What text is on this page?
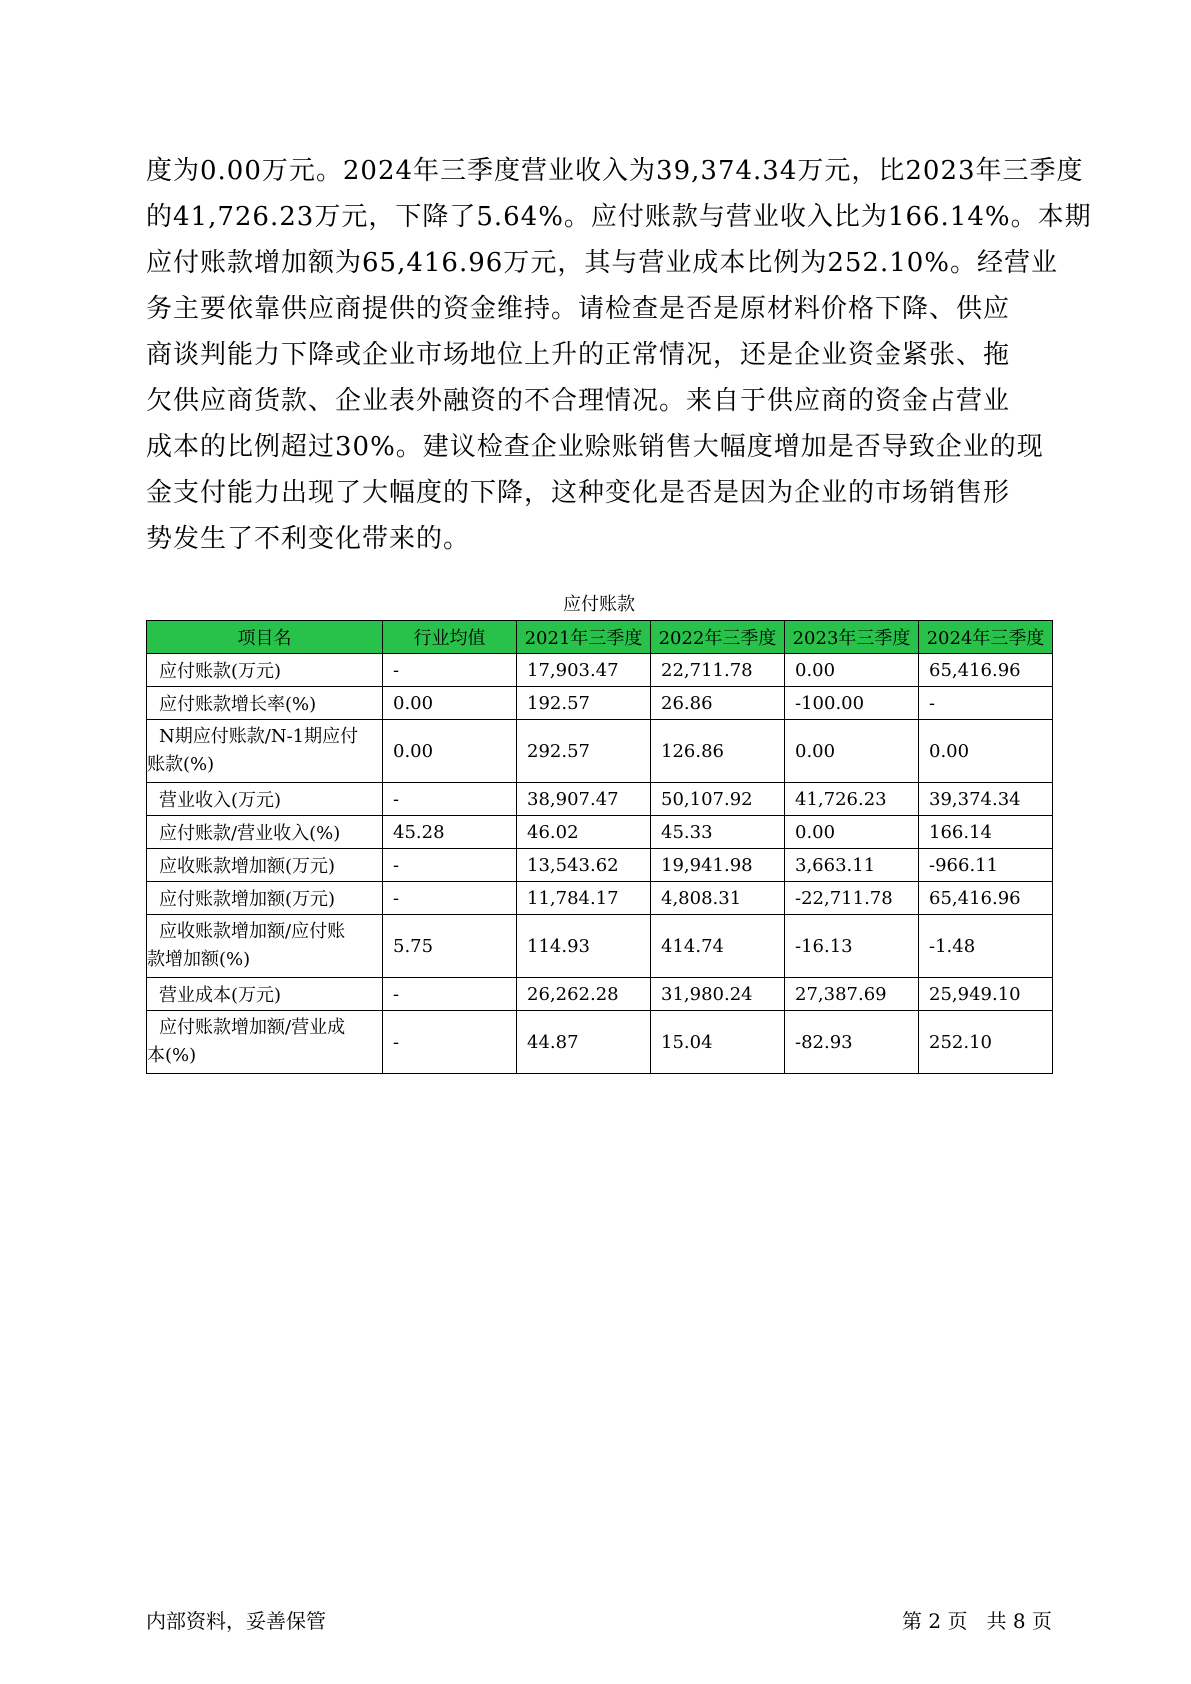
度为0.00万元。2024年三季度营业收入为39,374.34万元，比2023年三季度
的41,726.23万元，下降了5.64%。应付账款与营业收入比为166.14%。本期
应付账款增加额为65,416.96万元，其与营业成本比例为252.10%。经营业
务主要依靠供应商提供的资金维持。请检查是否是原材料价格下降、供应
商谈判能力下降或企业市场地位上升的正常情况，还是企业资金紧张、拖
欠供应商货款、企业表外融资的不合理情况。来自于供应商的资金占营业
成本的比例超过30%。建议检查企业赊账销售大幅度增加是否导致企业的现
金支付能力出现了大幅度的下降，这种变化是否是因为企业的市场销售形
势发生了不利变化带来的。

应付账款
项目名	行业均值	2021年三季度	2022年三季度	2023年三季度	2024年三季度
应付账款(万元)	-	17,903.47	22,711.78	0.00	65,416.96
应付账款增长率(%)	0.00	192.57	26.86	-100.00	-
N期应付账款/N-1期应付
账款(%)	0.00	292.57	126.86	0.00	0.00
营业收入(万元)	-	38,907.47	50,107.92	41,726.23	39,374.34
应付账款/营业收入(%)	45.28	46.02	45.33	0.00	166.14
应收账款增加额(万元)	-	13,543.62	19,941.98	3,663.11	-966.11
应付账款增加额(万元)	-	11,784.17	4,808.31	-22,711.78	65,416.96
应收账款增加额/应付账
款增加额(%)	5.75	114.93	414.74	-16.13	-1.48
营业成本(万元)	-	26,262.28	31,980.24	27,387.69	25,949.10
应付账款增加额/营业成
本(%)	-	44.87	15.04	-82.93	252.10
内部资料，妥善保管	第 2 页   共 8 页
